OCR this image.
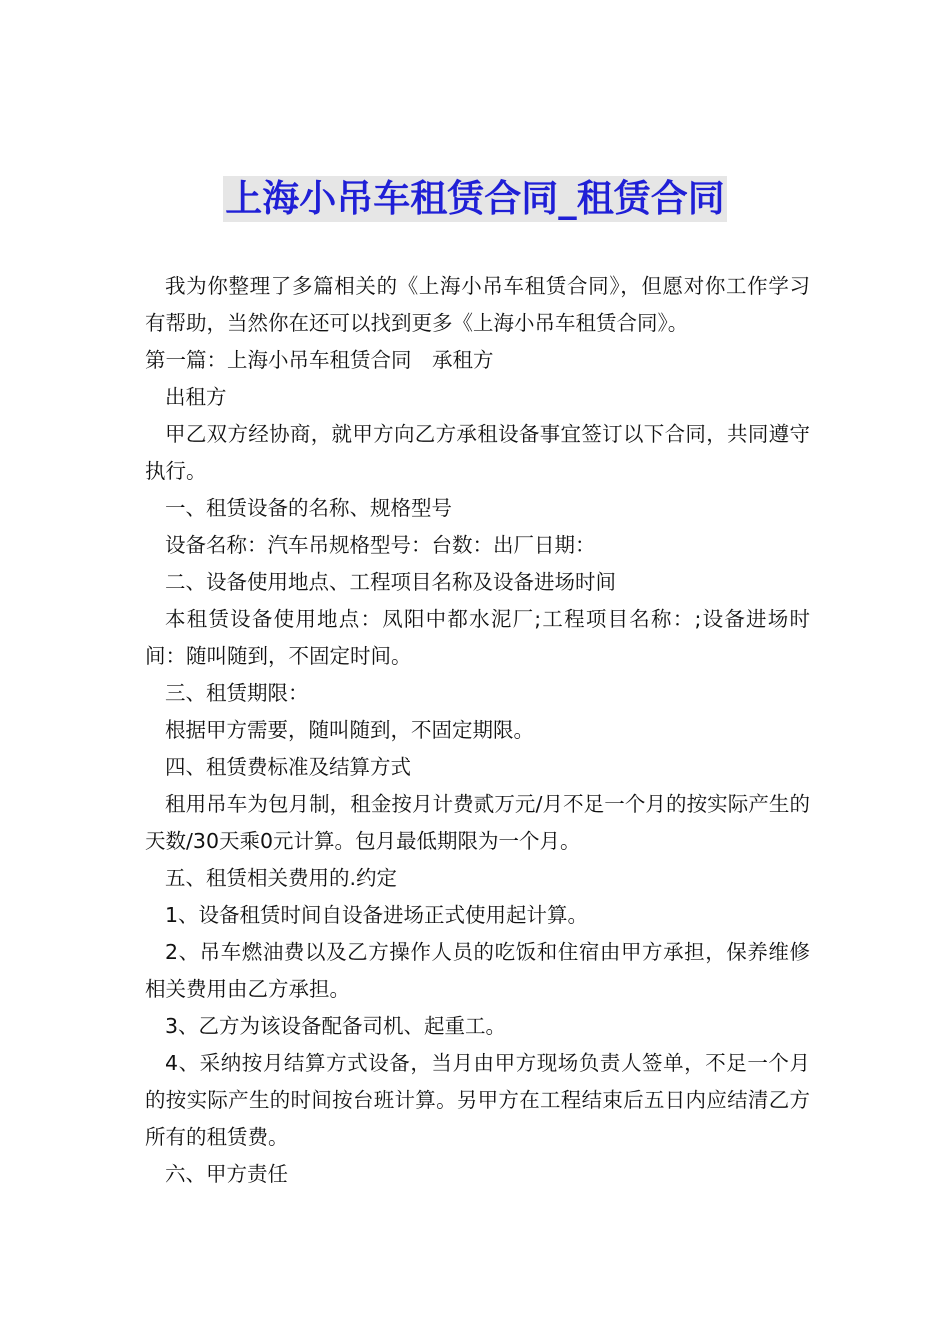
上海小吊车租赁合同_租赁合同

我为你整理了多篇相关的《上海小吊车租赁合同》，但愿对你工作学习有帮助，当然你在还可以找到更多《上海小吊车租赁合同》。

第一篇：上海小吊车租赁合同　承租方

出租方

甲乙双方经协商，就甲方向乙方承租设备事宜签订以下合同，共同遵守执行。

一、租赁设备的名称、规格型号

设备名称：汽车吊规格型号：台数：出厂日期：

二、设备使用地点、工程项目名称及设备进场时间

本租赁设备使用地点：凤阳中都水泥厂;工程项目名称：;设备进场时间：随叫随到，不固定时间。

三、租赁期限：

根据甲方需要，随叫随到，不固定期限。

四、租赁费标准及结算方式

租用吊车为包月制，租金按月计费贰万元/月不足一个月的按实际产生的天数/30天乘0元计算。包月最低期限为一个月。

五、租赁相关费用的.约定

1、设备租赁时间自设备进场正式使用起计算。

2、吊车燃油费以及乙方操作人员的吃饭和住宿由甲方承担，保养维修相关费用由乙方承担。

3、乙方为该设备配备司机、起重工。

4、采纳按月结算方式设备，当月由甲方现场负责人签单，不足一个月的按实际产生的时间按台班计算。另甲方在工程结束后五日内应结清乙方所有的租赁费。

六、甲方责任
